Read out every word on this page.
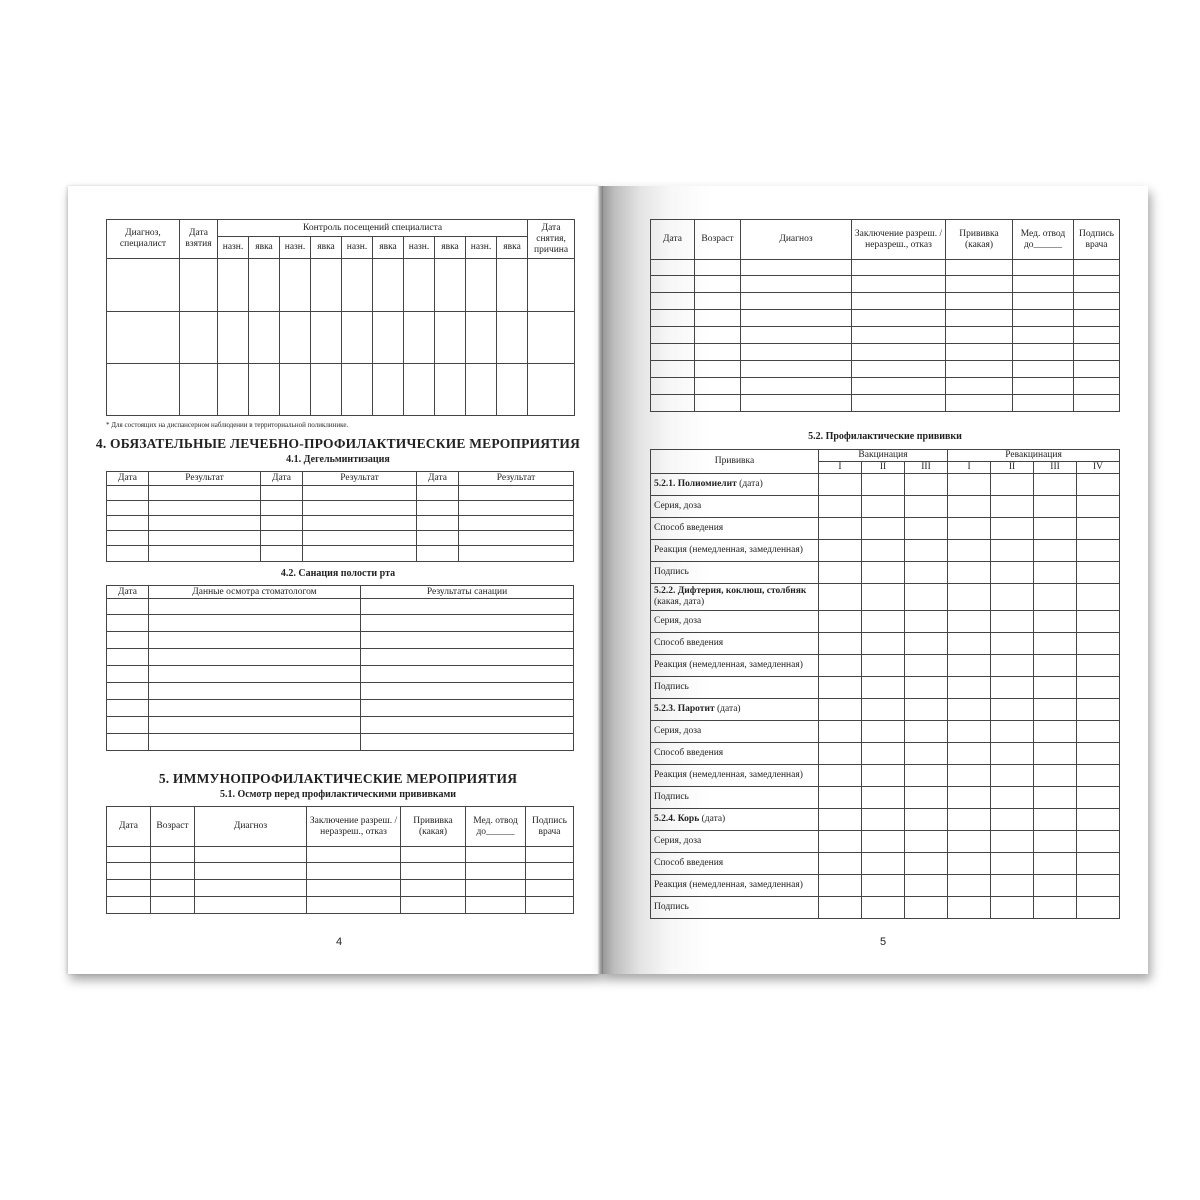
Диагноз, специалист	Дата взятия	Контроль посещений специалиста										Дата снятия, причина
		назн.	явка	назн.	явка	назн.	явка	назн.	явка	назн.	явка	

* Для состоящих на диспансерном наблюдении в территориальной поликлинике.
4. ОБЯЗАТЕЛЬНЫЕ ЛЕЧЕБНО-ПРОФИЛАКТИЧЕСКИЕ МЕРОПРИЯТИЯ
4.1. Дегельминтизация
Дата	Результат	Дата	Результат	Дата	Результат

4.2. Санация полости рта
Дата	Данные осмотра стоматологом	Результаты санации

5. ИММУНОПРОФИЛАКТИЧЕСКИЕ МЕРОПРИЯТИЯ
5.1. Осмотр перед профилактическими прививками
Дата	Возраст	Диагноз	Заключение разреш. / неразреш., отказ	Прививка (какая)	Мед. отвод до______	Подпись врача

4
Дата	Возраст	Диагноз	Заключение разреш. / неразреш., отказ	Прививка (какая)	Мед. отвод до______	Подпись врача

5.2. Профилактические прививки
Прививка	Вакцинация			Ревакцинация			
	I	II	III	I	II	III	IV
5.2.1. Полиомиелит (дата)							
Серия, доза							
Способ введения							
Реакция (немедленная, замедленная)							
Подпись							
5.2.2. Дифтерия, коклюш, столбняк (какая, дата)							
Серия, доза							
Способ введения							
Реакция (немедленная, замедленная)							
Подпись							
5.2.3. Паротит (дата)							
Серия, доза							
Способ введения							
Реакция (немедленная, замедленная)							
Подпись							
5.2.4. Корь (дата)							
Серия, доза							
Способ введения							
Реакция (немедленная, замедленная)							
Подпись							
5
